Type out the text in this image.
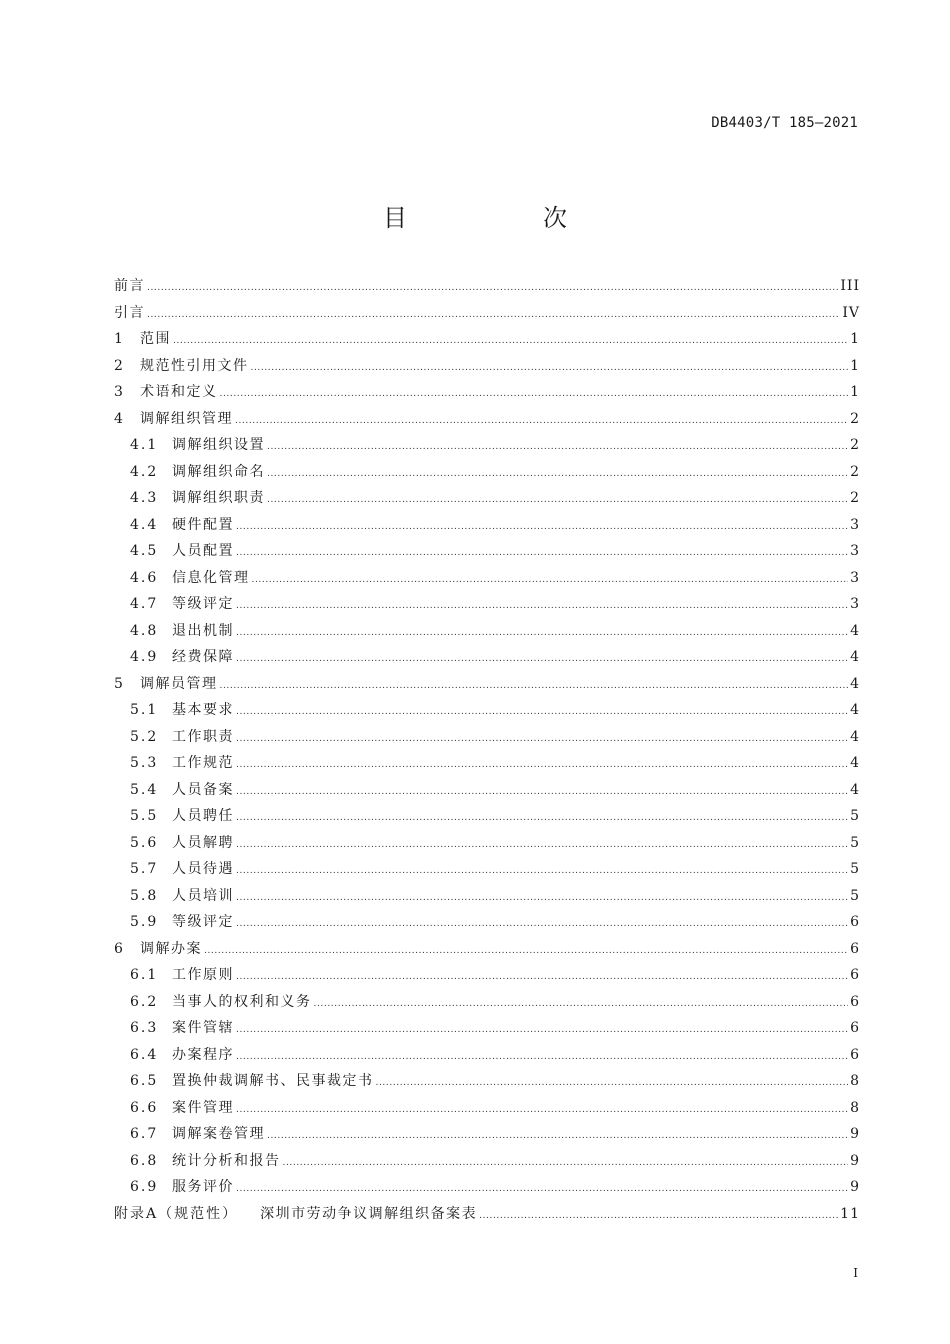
DB4403/T 185—2021
目　次
前言 .....	III
引言 .....	IV
1	范围 .....	1
2	规范性引用文件 .....	1
3	术语和定义 .....	1
4	调解组织管理 .....	2
4.1 调解组织设置 .....	2
4.2 调解组织命名 .....	2
4.3 调解组织职责 .....	2
4.4 硬件配置 .....	3
4.5 人员配置 .....	3
4.6 信息化管理 .....	3
4.7 等级评定 .....	3
4.8 退出机制 .....	4
4.9 经费保障 .....	4
5	调解员管理 .....	4
5.1 基本要求 .....	4
5.2 工作职责 .....	4
5.3 工作规范 .....	4
5.4 人员备案 .....	4
5.5 人员聘任 .....	5
5.6 人员解聘 .....	5
5.7 人员待遇 .....	5
5.8 人员培训 .....	5
5.9 等级评定 .....	6
6	调解办案 .....	6
6.1 工作原则 .....	6
6.2 当事人的权利和义务 .....	6
6.3 案件管辖 .....	6
6.4 办案程序 .....	6
6.5 置换仲裁调解书、民事裁定书 .....	8
6.6 案件管理 .....	8
6.7 调解案卷管理 .....	9
6.8 统计分析和报告 .....	9
6.9 服务评价 .....	9
附录A（规范性） 深圳市劳动争议调解组织备案表 .....	11
I
